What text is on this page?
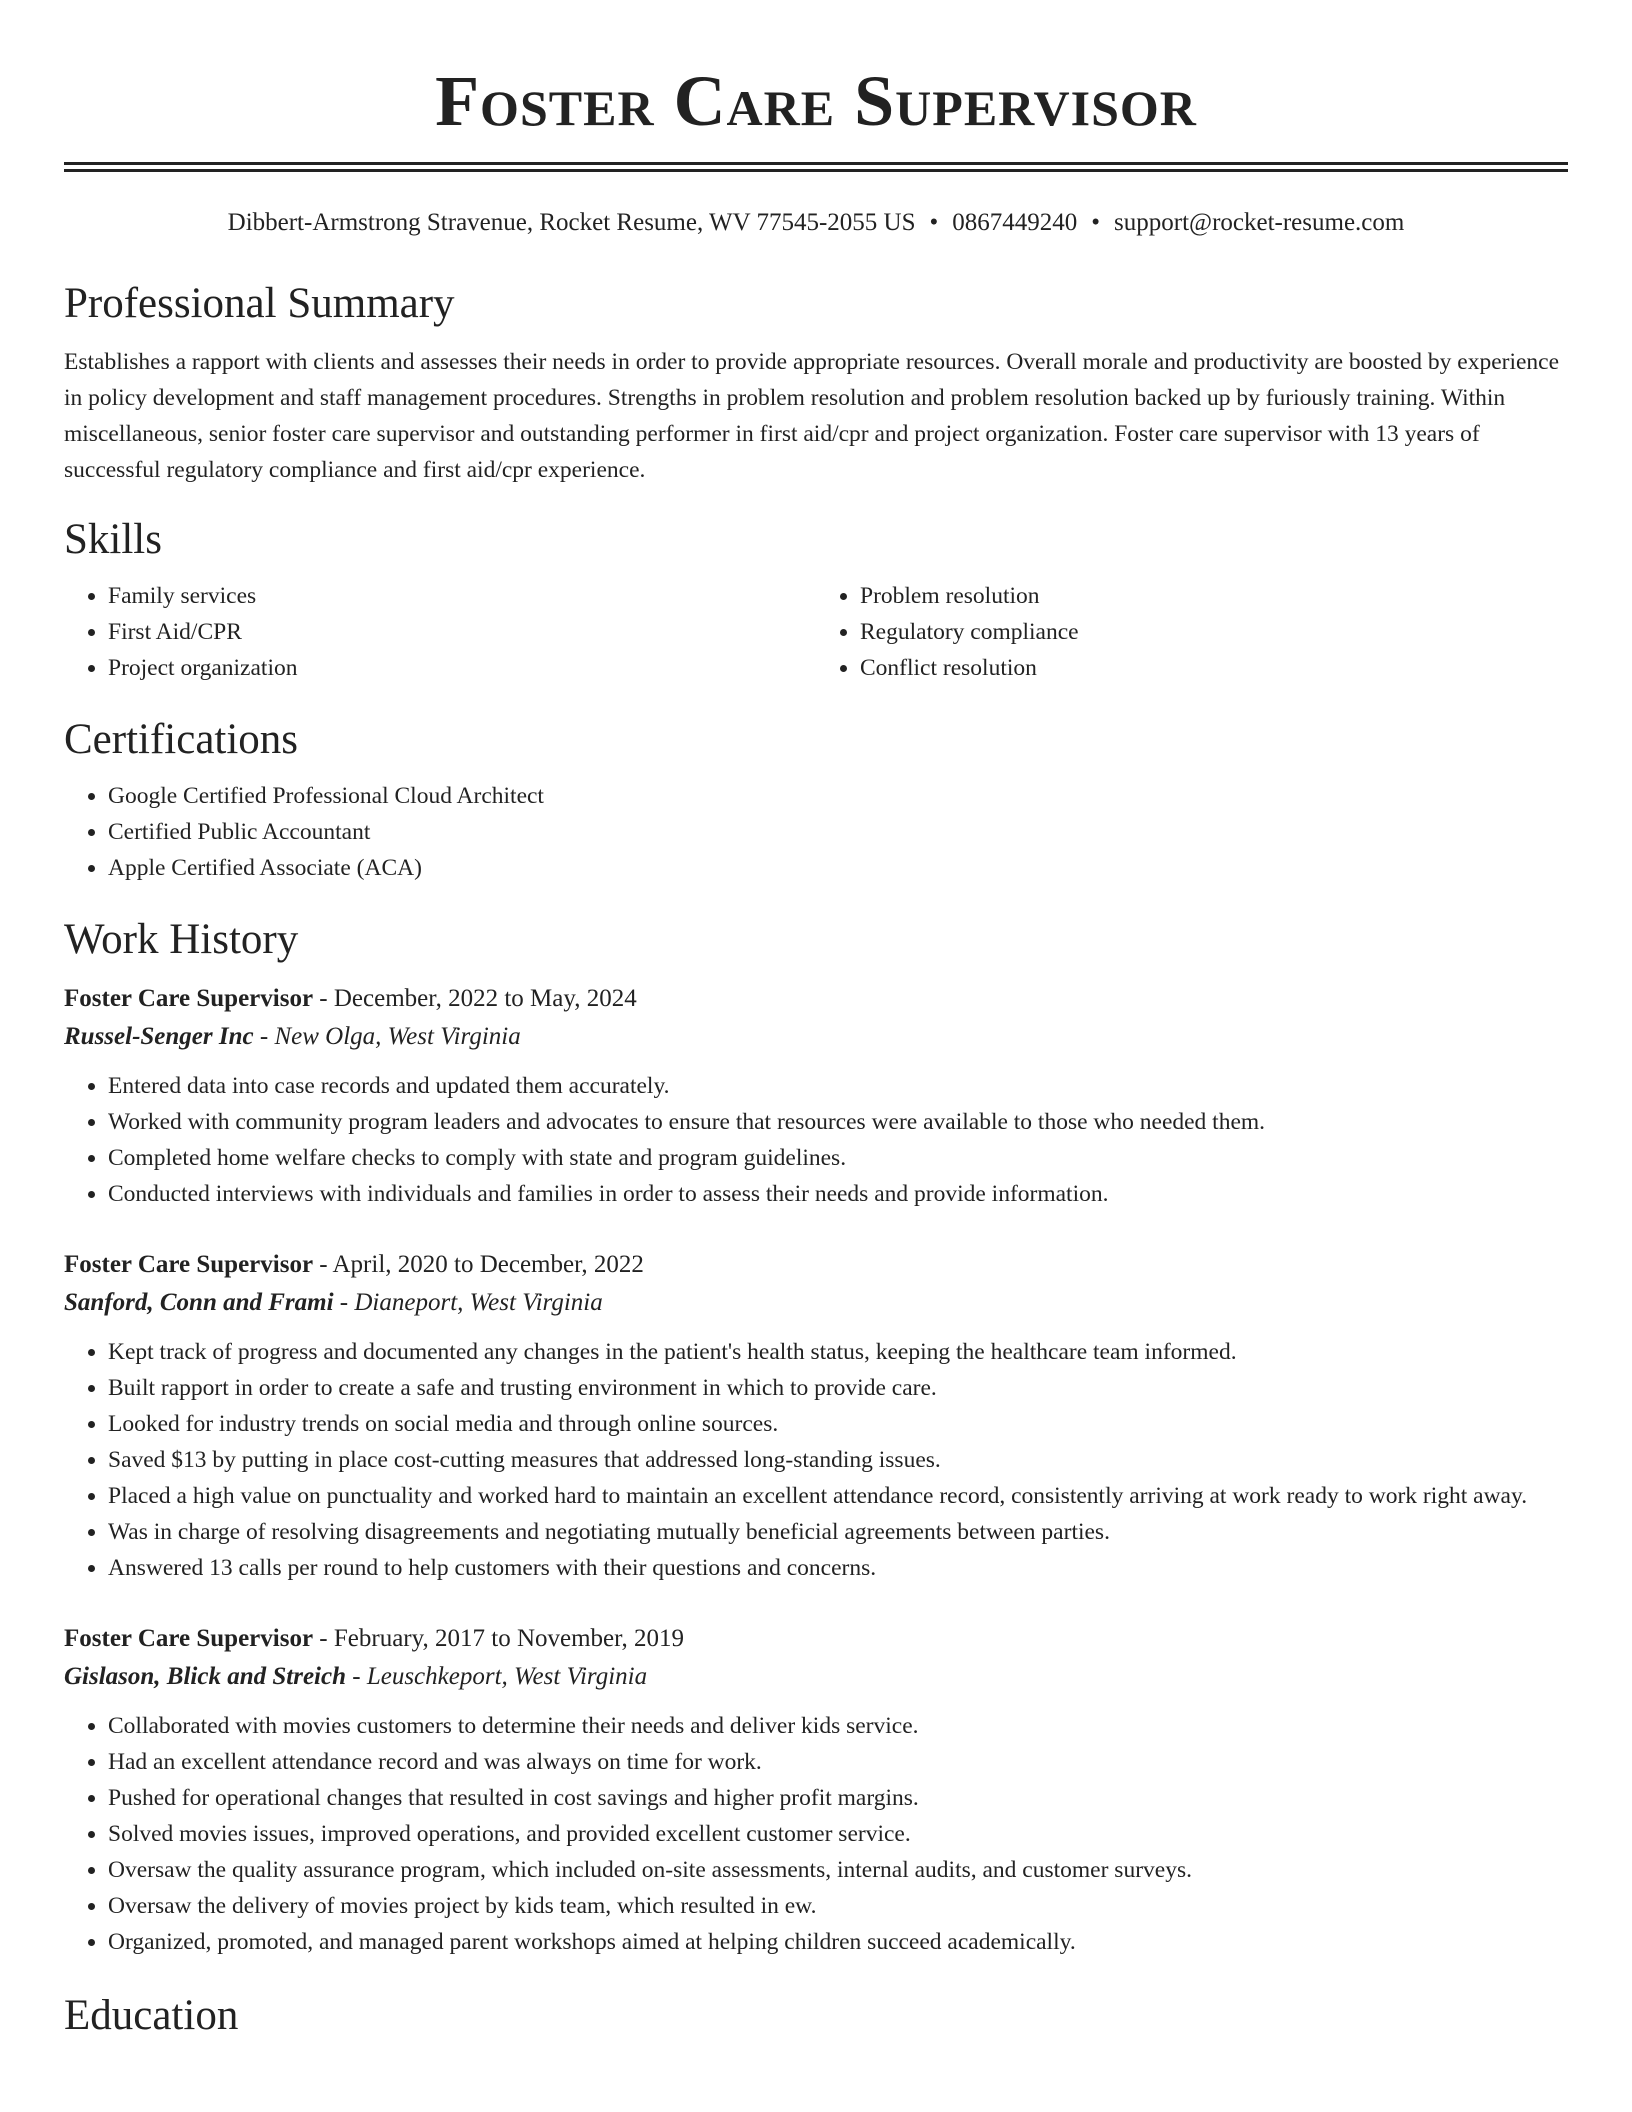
Foster Care Supervisor
Dibbert-Armstrong Stravenue, Rocket Resume, WV 77545-2055 US • 0867449240 • support@rocket-resume.com
Professional Summary

Establishes a rapport with clients and assesses their needs in order to provide appropriate resources. Overall morale and productivity are boosted by experience in policy development and staff management procedures. Strengths in problem resolution and problem resolution backed up by furiously training. Within miscellaneous, senior foster care supervisor and outstanding performer in first aid/cpr and project organization. Foster care supervisor with 13 years of successful regulatory compliance and first aid/cpr experience.

Skills
• Family services
• First Aid/CPR
• Project organization
• Problem resolution
• Regulatory compliance
• Conflict resolution
Certifications
• Google Certified Professional Cloud Architect
• Certified Public Accountant
• Apple Certified Associate (ACA)
Work History
Foster Care Supervisor - December, 2022 to May, 2024
Russel-Senger Inc - New Olga, West Virginia
• Entered data into case records and updated them accurately.
• Worked with community program leaders and advocates to ensure that resources were available to those who needed them.
• Completed home welfare checks to comply with state and program guidelines.
• Conducted interviews with individuals and families in order to assess their needs and provide information.
Foster Care Supervisor - April, 2020 to December, 2022
Sanford, Conn and Frami - Dianeport, West Virginia
• Kept track of progress and documented any changes in the patient's health status, keeping the healthcare team informed.
• Built rapport in order to create a safe and trusting environment in which to provide care.
• Looked for industry trends on social media and through online sources.
• Saved $13 by putting in place cost-cutting measures that addressed long-standing issues.
• Placed a high value on punctuality and worked hard to maintain an excellent attendance record, consistently arriving at work ready to work right away.
• Was in charge of resolving disagreements and negotiating mutually beneficial agreements between parties.
• Answered 13 calls per round to help customers with their questions and concerns.
Foster Care Supervisor - February, 2017 to November, 2019
Gislason, Blick and Streich - Leuschkeport, West Virginia
• Collaborated with movies customers to determine their needs and deliver kids service.
• Had an excellent attendance record and was always on time for work.
• Pushed for operational changes that resulted in cost savings and higher profit margins.
• Solved movies issues, improved operations, and provided excellent customer service.
• Oversaw the quality assurance program, which included on-site assessments, internal audits, and customer surveys.
• Oversaw the delivery of movies project by kids team, which resulted in ew.
• Organized, promoted, and managed parent workshops aimed at helping children succeed academically.
Education
